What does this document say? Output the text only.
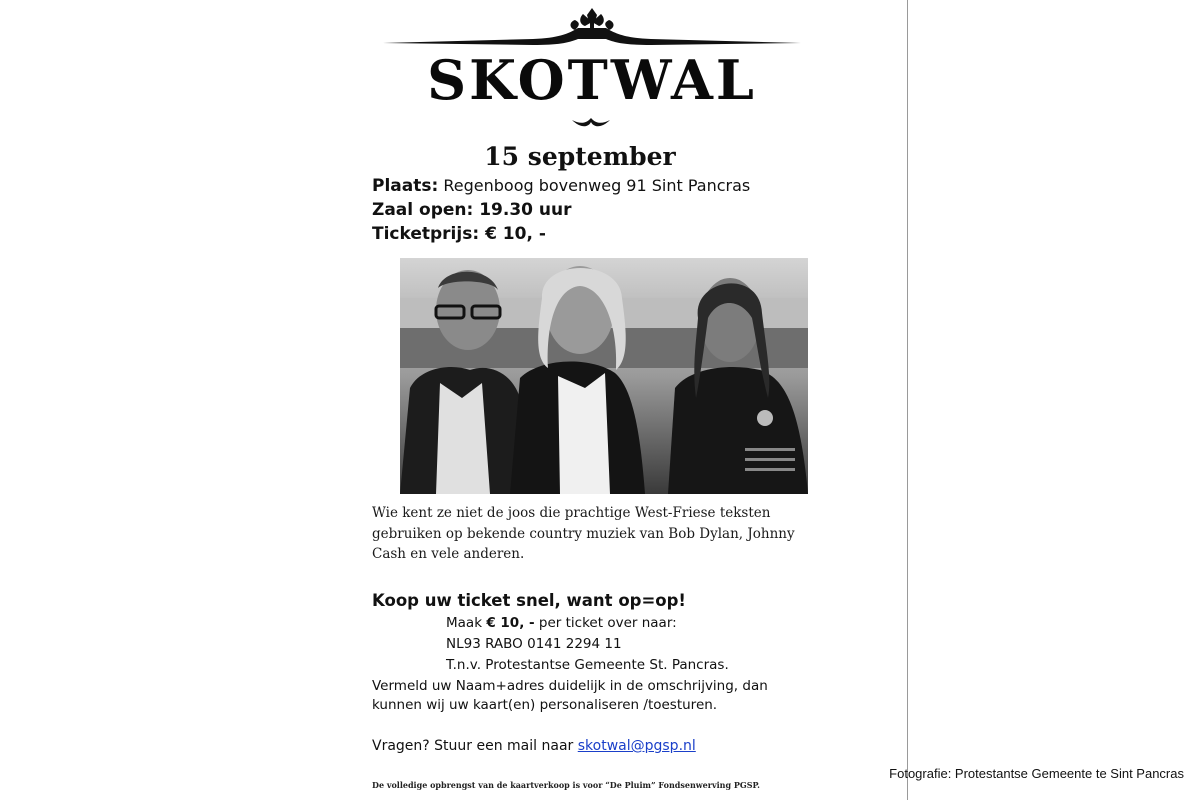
SKOTWAL
15 september
Plaats: Regenboog bovenweg 91 Sint Pancras
Zaal open: 19.30 uur
Ticketprijs: € 10, -
Wie kent ze niet de joos die prachtige West-Friese teksten gebruiken op bekende country muziek van Bob Dylan, Johnny Cash en vele anderen.
Koop uw ticket snel, want op=op!
Maak € 10, - per ticket over naar:
NL93 RABO 0141 2294 11
T.n.v. Protestantse Gemeente St. Pancras.
Vermeld uw Naam+adres duidelijk in de omschrijving, dan
kunnen wij uw kaart(en) personaliseren /toesturen.
Vragen? Stuur een mail naar skotwal@pgsp.nl
De volledige opbrengst van de kaartverkoop is voor “De Pluim” Fondsenwerving PGSP.
Fotografie: Protestantse Gemeente te Sint Pancras
